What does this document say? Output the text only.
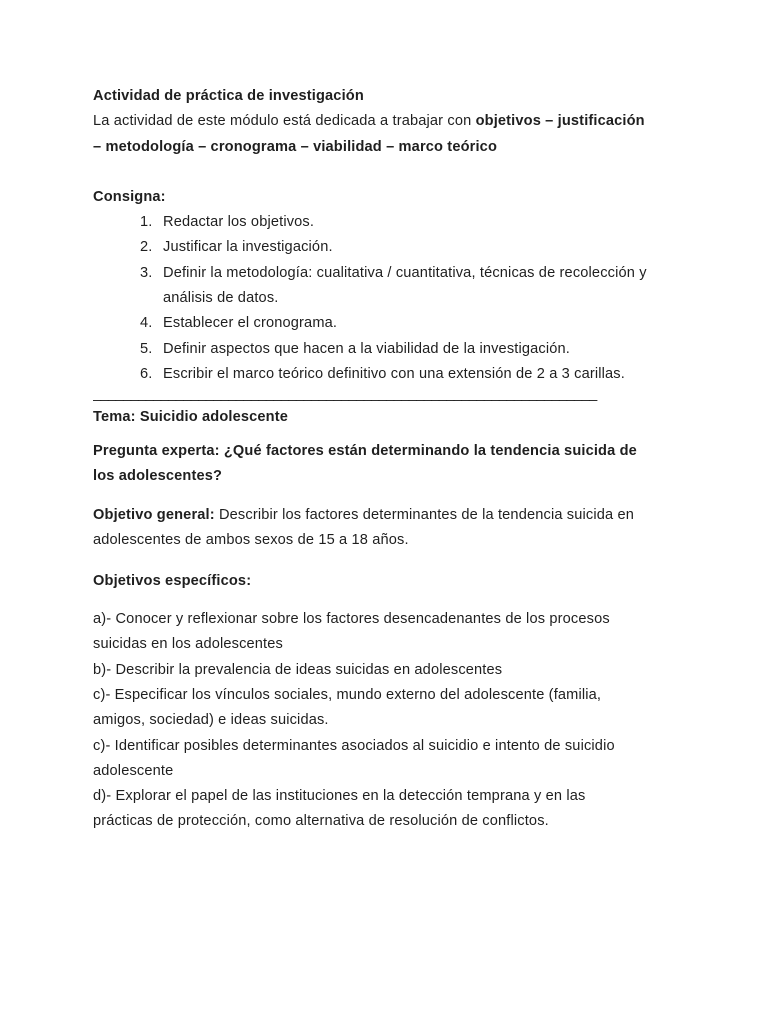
Actividad de práctica de investigación
La actividad de este módulo está dedicada a trabajar con objetivos – justificación
– metodología – cronograma – viabilidad – marco teórico
Consigna:
1. Redactar los objetivos.
2. Justificar la investigación.
3. Definir la metodología: cualitativa / cuantitativa, técnicas de recolección y
análisis de datos.
4. Establecer el cronograma.
5. Definir aspectos que hacen a la viabilidad de la investigación.
6. Escribir el marco teórico definitivo con una extensión de 2 a 3 carillas.
___________________________________________________________________
Tema: Suicidio adolescente
Pregunta experta: ¿Qué factores están determinando la tendencia suicida de
los adolescentes?
Objetivo general: Describir los factores determinantes de la tendencia suicida en
adolescentes de ambos sexos de 15 a 18 años.
Objetivos específicos:
a)- Conocer y reflexionar sobre los factores desencadenantes de los procesos
suicidas en los adolescentes
b)- Describir la prevalencia de ideas suicidas en adolescentes
c)- Especificar los vínculos sociales, mundo externo del adolescente (familia,
amigos, sociedad) e ideas suicidas.
c)- Identificar posibles determinantes asociados al suicidio e intento de suicidio
adolescente
d)- Explorar el papel de las instituciones en la detección temprana y en las
prácticas de protección, como alternativa de resolución de conflictos.
